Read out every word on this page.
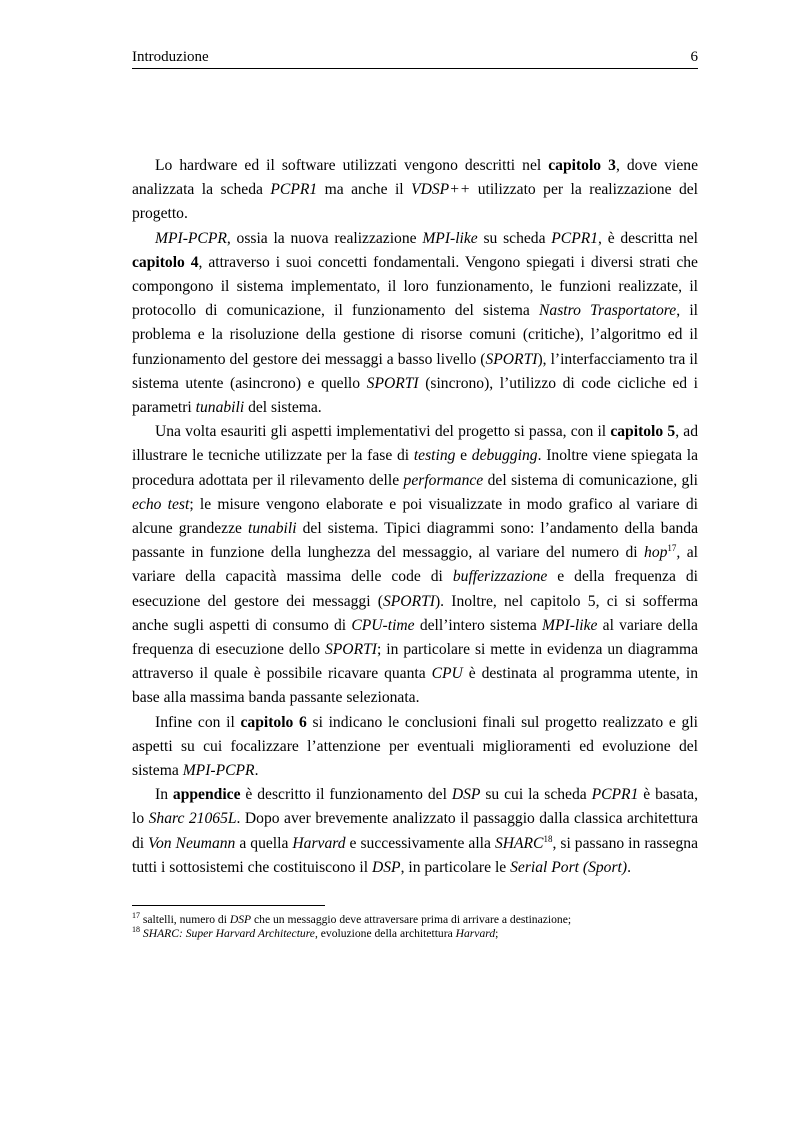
Introduzione	6

Lo hardware ed il software utilizzati vengono descritti nel capitolo 3, dove viene analizzata la scheda PCPR1 ma anche il VDSP++ utilizzato per la realizzazione del progetto.

MPI-PCPR, ossia la nuova realizzazione MPI-like su scheda PCPR1, è descritta nel capitolo 4, attraverso i suoi concetti fondamentali. Vengono spiegati i diversi strati che compongono il sistema implementato, il loro funzionamento, le funzioni realizzate, il protocollo di comunicazione, il funzionamento del sistema Nastro Trasportatore, il problema e la risoluzione della gestione di risorse comuni (critiche), l’algoritmo ed il funzionamento del gestore dei messaggi a basso livello (SPORTI), l’interfacciamento tra il sistema utente (asincrono) e quello SPORTI (sincrono), l’utilizzo di code cicliche ed i parametri tunabili del sistema.

Una volta esauriti gli aspetti implementativi del progetto si passa, con il capitolo 5, ad illustrare le tecniche utilizzate per la fase di testing e debugging. Inoltre viene spiegata la procedura adottata per il rilevamento delle performance del sistema di comunicazione, gli echo test; le misure vengono elaborate e poi visualizzate in modo grafico al variare di alcune grandezze tunabili del sistema. Tipici diagrammi sono: l’andamento della banda passante in funzione della lunghezza del messaggio, al variare del numero di hop$^{17}$, al variare della capacità massima delle code di bufferizzazione e della frequenza di esecuzione del gestore dei messaggi (SPORTI). Inoltre, nel capitolo 5, ci si sofferma anche sugli aspetti di consumo di CPU-time dell’intero sistema MPI-like al variare della frequenza di esecuzione dello SPORTI; in particolare si mette in evidenza un diagramma attraverso il quale è possibile ricavare quanta CPU è destinata al programma utente, in base alla massima banda passante selezionata.

Infine con il capitolo 6 si indicano le conclusioni finali sul progetto realizzato e gli aspetti su cui focalizzare l’attenzione per eventuali miglioramenti ed evoluzione del sistema MPI-PCPR.

In appendice è descritto il funzionamento del DSP su cui la scheda PCPR1 è basata, lo Sharc 21065L. Dopo aver brevemente analizzato il passaggio dalla classica architettura di Von Neumann a quella Harvard e successivamente alla SHARC$^{18}$, si passano in rassegna tutti i sottosistemi che costituiscono il DSP, in particolare le Serial Port (Sport).

$^{17}$ saltelli, numero di DSP che un messaggio deve attraversare prima di arrivare a destinazione;
$^{18}$ SHARC: Super Harvard Architecture, evoluzione della architettura Harvard;
